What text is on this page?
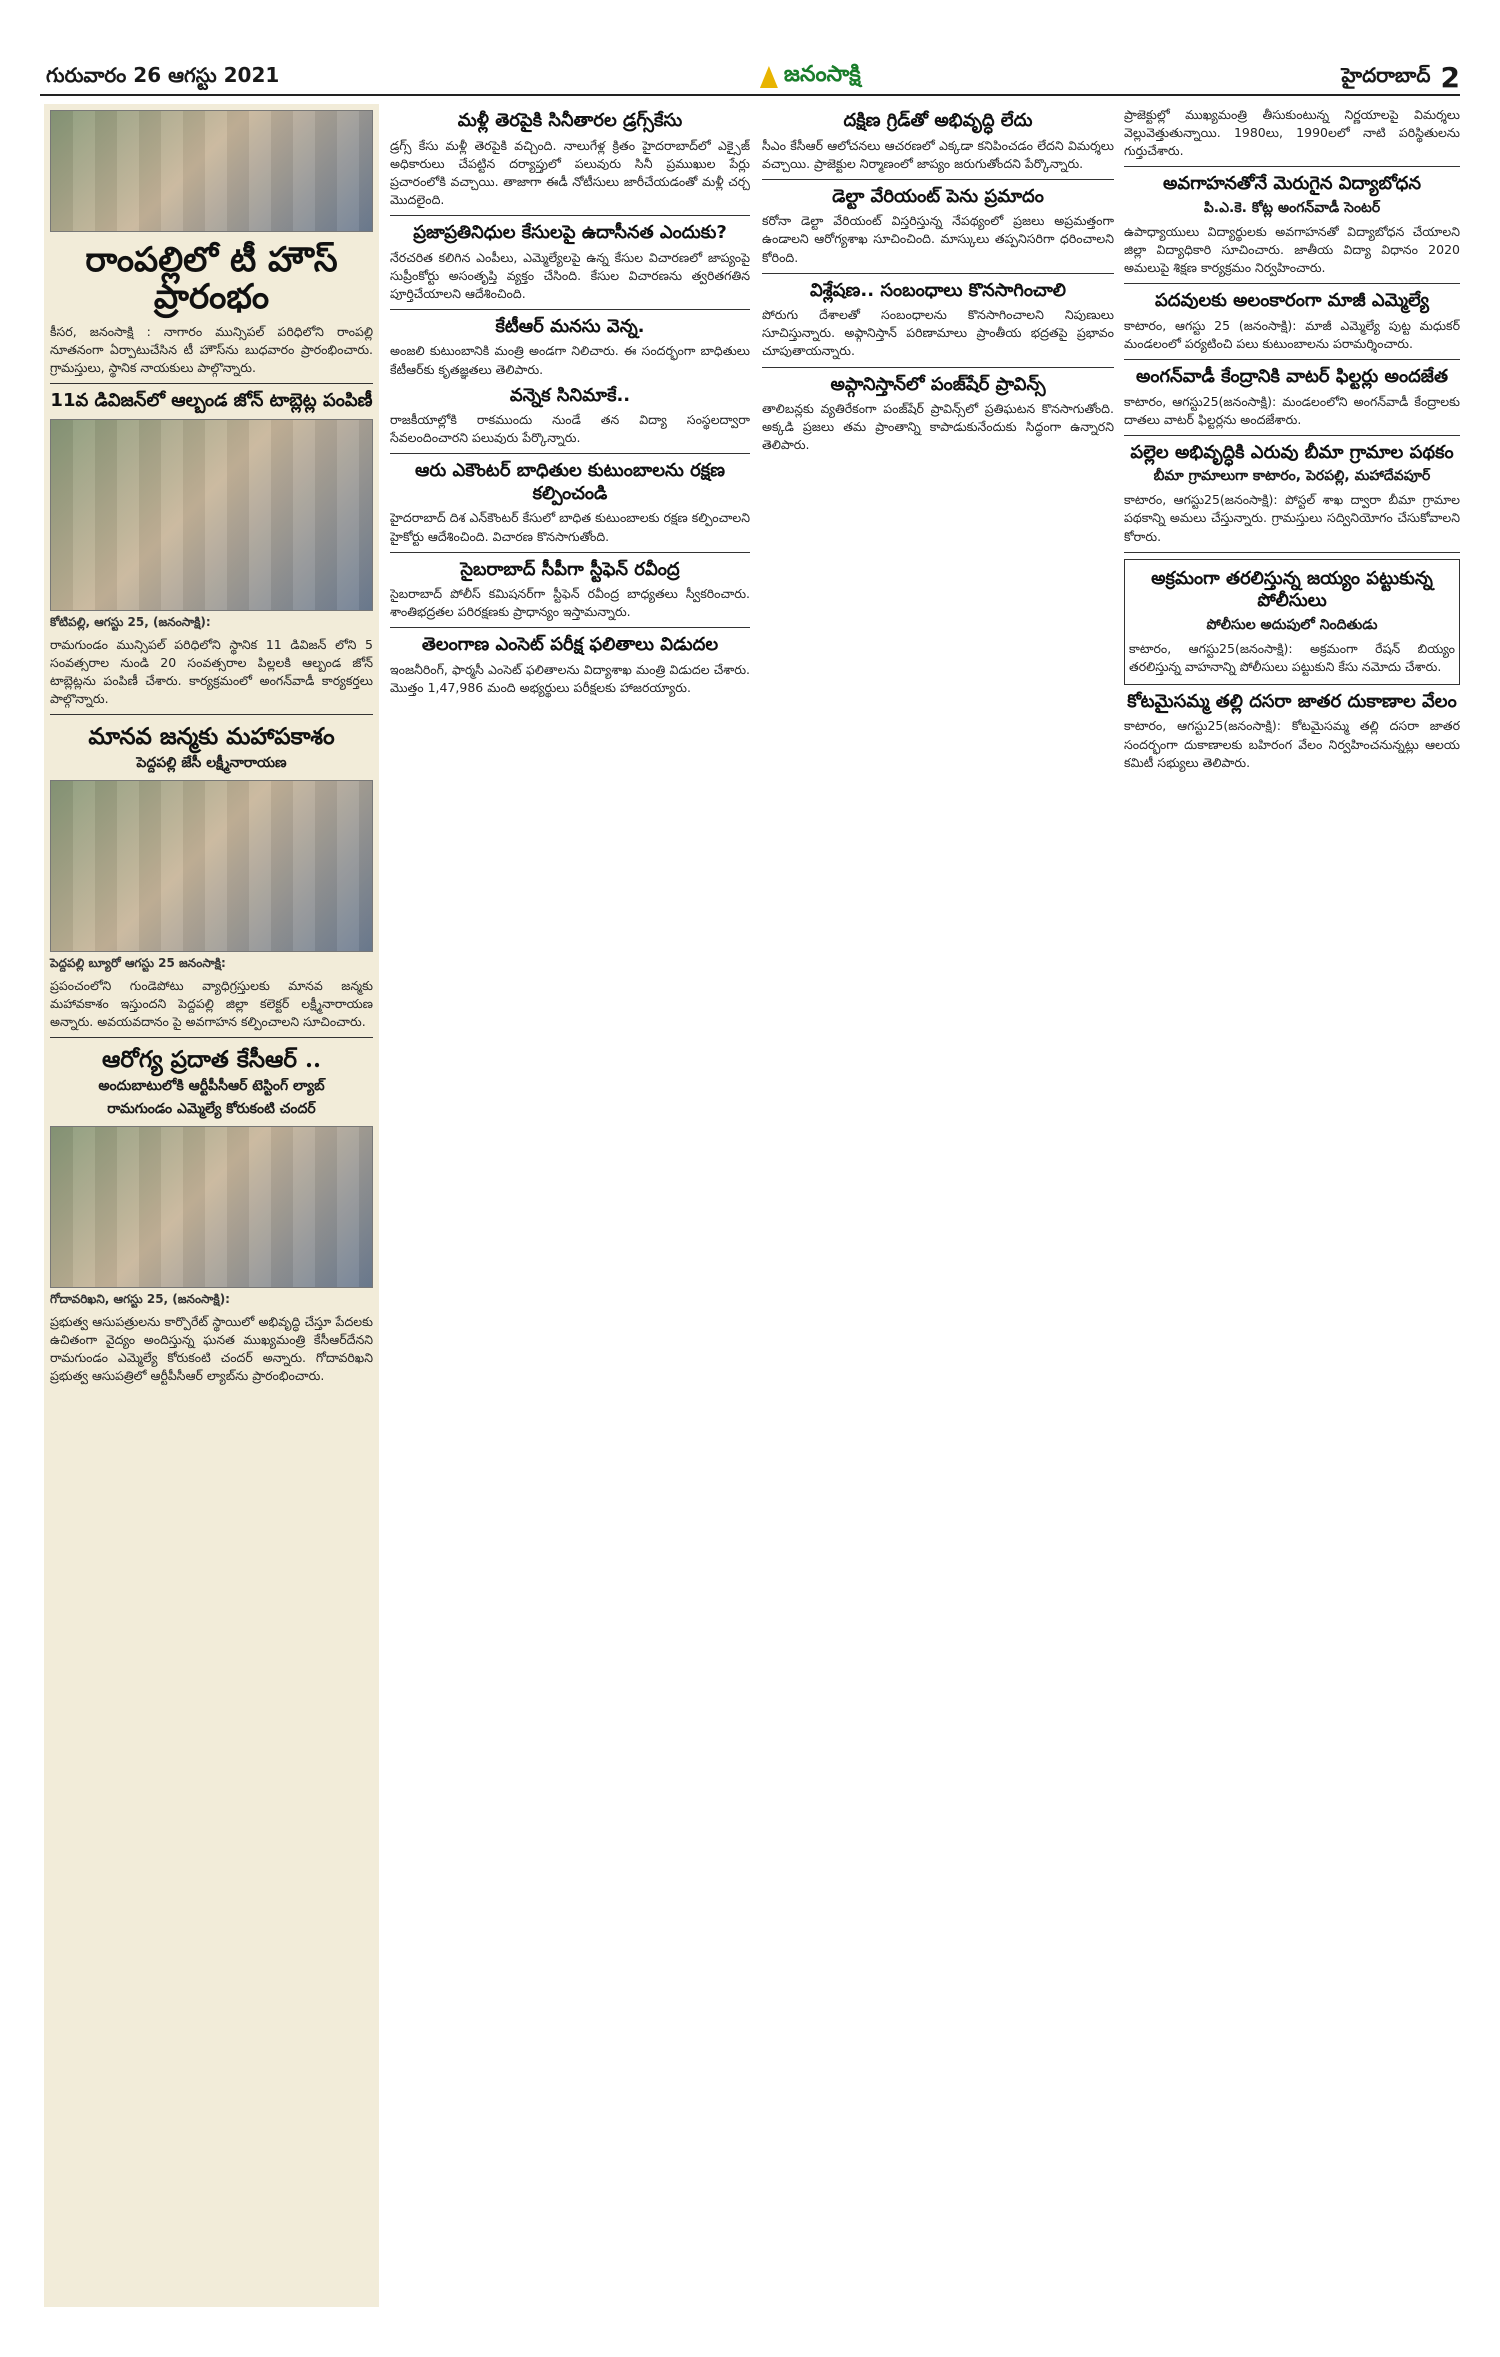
గురువారం 26 ఆగస్టు 2021	జనంసాక్షి	హైదరాబాద్ 2
రాంపల్లిలో టీ హౌస్ ప్రారంభం
కీసర, జనంసాక్షి : నాగారం మున్సిపల్ పరిధిలోని రాంపల్లి నూతనంగా ఏర్పాటుచేసిన టీ హౌస్‌ను బుధవారం ప్రారంభించారు. గ్రామస్తులు, స్థానిక నాయకులు పాల్గొన్నారు.
11వ డివిజన్‌లో ఆల్బండ జోన్ టాబ్లెట్ల పంపిణీ
కోటిపల్లి, ఆగస్టు 25, (జనంసాక్షి):
రామగుండం మున్సిపల్ పరిధిలోని స్థానిక 11 డివిజన్ లోని 5 సంవత్సరాల నుండి 20 సంవత్సరాల పిల్లలకి ఆల్బండ జోన్ టాబ్లెట్లను పంపిణీ చేశారు. కార్యక్రమంలో అంగన్‌వాడీ కార్యకర్తలు పాల్గొన్నారు.
మానవ జన్మకు మహాపకాశం
పెద్దపల్లి జేసీ లక్ష్మీనారాయణ
పెద్దపల్లి బ్యూరో ఆగస్టు 25 జనంసాక్షి:
ప్రపంచంలోని గుండెపోటు వ్యాధిగ్రస్తులకు మానవ జన్మకు మహావకాశం ఇస్తుందని పెద్దపల్లి జిల్లా కలెక్టర్ లక్ష్మీనారాయణ అన్నారు. అవయవదానం పై అవగాహన కల్పించాలని సూచించారు.
ఆరోగ్య ప్రదాత కేసీఆర్ ..
అందుబాటులోకి ఆర్టీపీసీఆర్ టెస్టింగ్ ల్యాబ్
రామగుండం ఎమ్మెల్యే కోరుకంటి చందర్
గోదావరిఖని, ఆగస్టు 25, (జనంసాక్షి):
ప్రభుత్వ ఆసుపత్రులను కార్పొరేట్ స్థాయిలో అభివృద్ధి చేస్తూ పేదలకు ఉచితంగా వైద్యం అందిస్తున్న ఘనత ముఖ్యమంత్రి కేసీఆర్‌దేనని రామగుండం ఎమ్మెల్యే కోరుకంటి చందర్ అన్నారు. గోదావరిఖని ప్రభుత్వ ఆసుపత్రిలో ఆర్టీపీసీఆర్ ల్యాబ్‌ను ప్రారంభించారు.
మళ్లీ తెరపైకి సినీతారల డ్రగ్స్‌కేసు
డ్రగ్స్ కేసు మళ్లీ తెరపైకి వచ్చింది. నాలుగేళ్ల క్రితం హైదరాబాద్‌లో ఎక్సైజ్ అధికారులు చేపట్టిన దర్యాప్తులో పలువురు సినీ ప్రముఖుల పేర్లు ప్రచారంలోకి వచ్చాయి. తాజాగా ఈడీ నోటీసులు జారీచేయడంతో మళ్లీ చర్చ మొదలైంది.
ప్రజాప్రతినిధుల కేసులపై ఉదాసీనత ఎందుకు?
నేరచరిత కలిగిన ఎంపీలు, ఎమ్మెల్యేలపై ఉన్న కేసుల విచారణలో జాప్యంపై సుప్రీంకోర్టు అసంతృప్తి వ్యక్తం చేసింది. కేసుల విచారణను త్వరితగతిన పూర్తిచేయాలని ఆదేశించింది.
కేటీఆర్ మనసు వెన్న.
అంజలి కుటుంబానికి మంత్రి అండగా నిలిచారు. ఈ సందర్భంగా బాధితులు కేటీఆర్‌కు కృతజ్ఞతలు తెలిపారు.
వన్నెక సినిమాకే..
రాజకీయాల్లోకి రాకముందు నుండే తన విద్యా సంస్థలద్వారా సేవలందించారని పలువురు పేర్కొన్నారు.
ఆరు ఎకౌంటర్ బాధితుల కుటుంబాలను రక్షణ కల్పించండి
హైదరాబాద్ దిశ ఎన్‌కౌంటర్ కేసులో బాధిత కుటుంబాలకు రక్షణ కల్పించాలని హైకోర్టు ఆదేశించింది. విచారణ కొనసాగుతోంది.
సైబరాబాద్ సీపీగా స్టీఫెన్ రవీంద్ర
సైబరాబాద్ పోలీస్ కమిషనర్‌గా స్టీఫెన్ రవీంద్ర బాధ్యతలు స్వీకరించారు. శాంతిభద్రతల పరిరక్షణకు ప్రాధాన్యం ఇస్తామన్నారు.
తెలంగాణ ఎంసెట్ పరీక్ష ఫలితాలు విడుదల
ఇంజనీరింగ్, ఫార్మసీ ఎంసెట్ ఫలితాలను విద్యాశాఖ మంత్రి విడుదల చేశారు. మొత్తం 1,47,986 మంది అభ్యర్థులు పరీక్షలకు హాజరయ్యారు.
దక్షిణ గ్రిడ్‌తో అభివృద్ధి లేదు
సీఎం కేసీఆర్ ఆలోచనలు ఆచరణలో ఎక్కడా కనిపించడం లేదని విమర్శలు వచ్చాయి. ప్రాజెక్టుల నిర్మాణంలో జాప్యం జరుగుతోందని పేర్కొన్నారు.
డెల్టా వేరియంట్ పెను ప్రమాదం
కరోనా డెల్టా వేరియంట్ విస్తరిస్తున్న నేపథ్యంలో ప్రజలు అప్రమత్తంగా ఉండాలని ఆరోగ్యశాఖ సూచించింది. మాస్కులు తప్పనిసరిగా ధరించాలని కోరింది.
విశ్లేషణ.. సంబంధాలు కొనసాగించాలి
పోరుగు దేశాలతో సంబంధాలను కొనసాగించాలని నిపుణులు సూచిస్తున్నారు. అఫ్గానిస్తాన్ పరిణామాలు ప్రాంతీయ భద్రతపై ప్రభావం చూపుతాయన్నారు.
అప్గానిస్తాన్‌లో పంజ్‌షేర్ ప్రావిన్స్
తాలిబన్లకు వ్యతిరేకంగా పంజ్‌షేర్ ప్రావిన్స్‌లో ప్రతిఘటన కొనసాగుతోంది. అక్కడి ప్రజలు తమ ప్రాంతాన్ని కాపాడుకునేందుకు సిద్ధంగా ఉన్నారని తెలిపారు.
ప్రాజెక్టుల్లో ముఖ్యమంత్రి తీసుకుంటున్న నిర్ణయాలపై విమర్శలు వెల్లువెత్తుతున్నాయి. 1980లు, 1990లలో నాటి పరిస్థితులను గుర్తుచేశారు.
అవగాహనతోనే మెరుగైన విద్యాబోధన
పి.ఎ.కె. కోట్ల అంగన్‌వాడీ సెంటర్
ఉపాధ్యాయులు విద్యార్థులకు అవగాహనతో విద్యాబోధన చేయాలని జిల్లా విద్యాధికారి సూచించారు. జాతీయ విద్యా విధానం 2020 అమలుపై శిక్షణ కార్యక్రమం నిర్వహించారు.
పదవులకు అలంకారంగా మాజీ ఎమ్మెల్యే
కాటారం, ఆగస్టు 25 (జనంసాక్షి): మాజీ ఎమ్మెల్యే పుట్ట మధుకర్ మండలంలో పర్యటించి పలు కుటుంబాలను పరామర్శించారు.
అంగన్‌వాడీ కేంద్రానికి వాటర్ ఫిల్టర్లు అందజేత
కాటారం, ఆగస్టు25(జనంసాక్షి): మండలంలోని అంగన్‌వాడీ కేంద్రాలకు దాతలు వాటర్ ఫిల్టర్లను అందజేశారు.
పల్లెల అభివృద్ధికి ఎరువు బీమా గ్రామాల పథకం
బీమా గ్రామాలుగా కాటారం, పెరపల్లి, మహాదేవపూర్
కాటారం, ఆగస్టు25(జనంసాక్షి): పోస్టల్ శాఖ ద్వారా బీమా గ్రామాల పథకాన్ని అమలు చేస్తున్నారు. గ్రామస్తులు సద్వినియోగం చేసుకోవాలని కోరారు.
అక్రమంగా తరలిస్తున్న జయ్యం పట్టుకున్న పోలీసులు
పోలీసుల అదుపులో నిందితుడు
కాటారం, ఆగస్టు25(జనంసాక్షి): అక్రమంగా రేషన్ బియ్యం తరలిస్తున్న వాహనాన్ని పోలీసులు పట్టుకుని కేసు నమోదు చేశారు.
కోటమైసమ్మ తల్లి దసరా జాతర దుకాణాల వేలం
కాటారం, ఆగస్టు25(జనంసాక్షి): కోటమైసమ్మ తల్లి దసరా జాతర సందర్భంగా దుకాణాలకు బహిరంగ వేలం నిర్వహించనున్నట్లు ఆలయ కమిటీ సభ్యులు తెలిపారు.
